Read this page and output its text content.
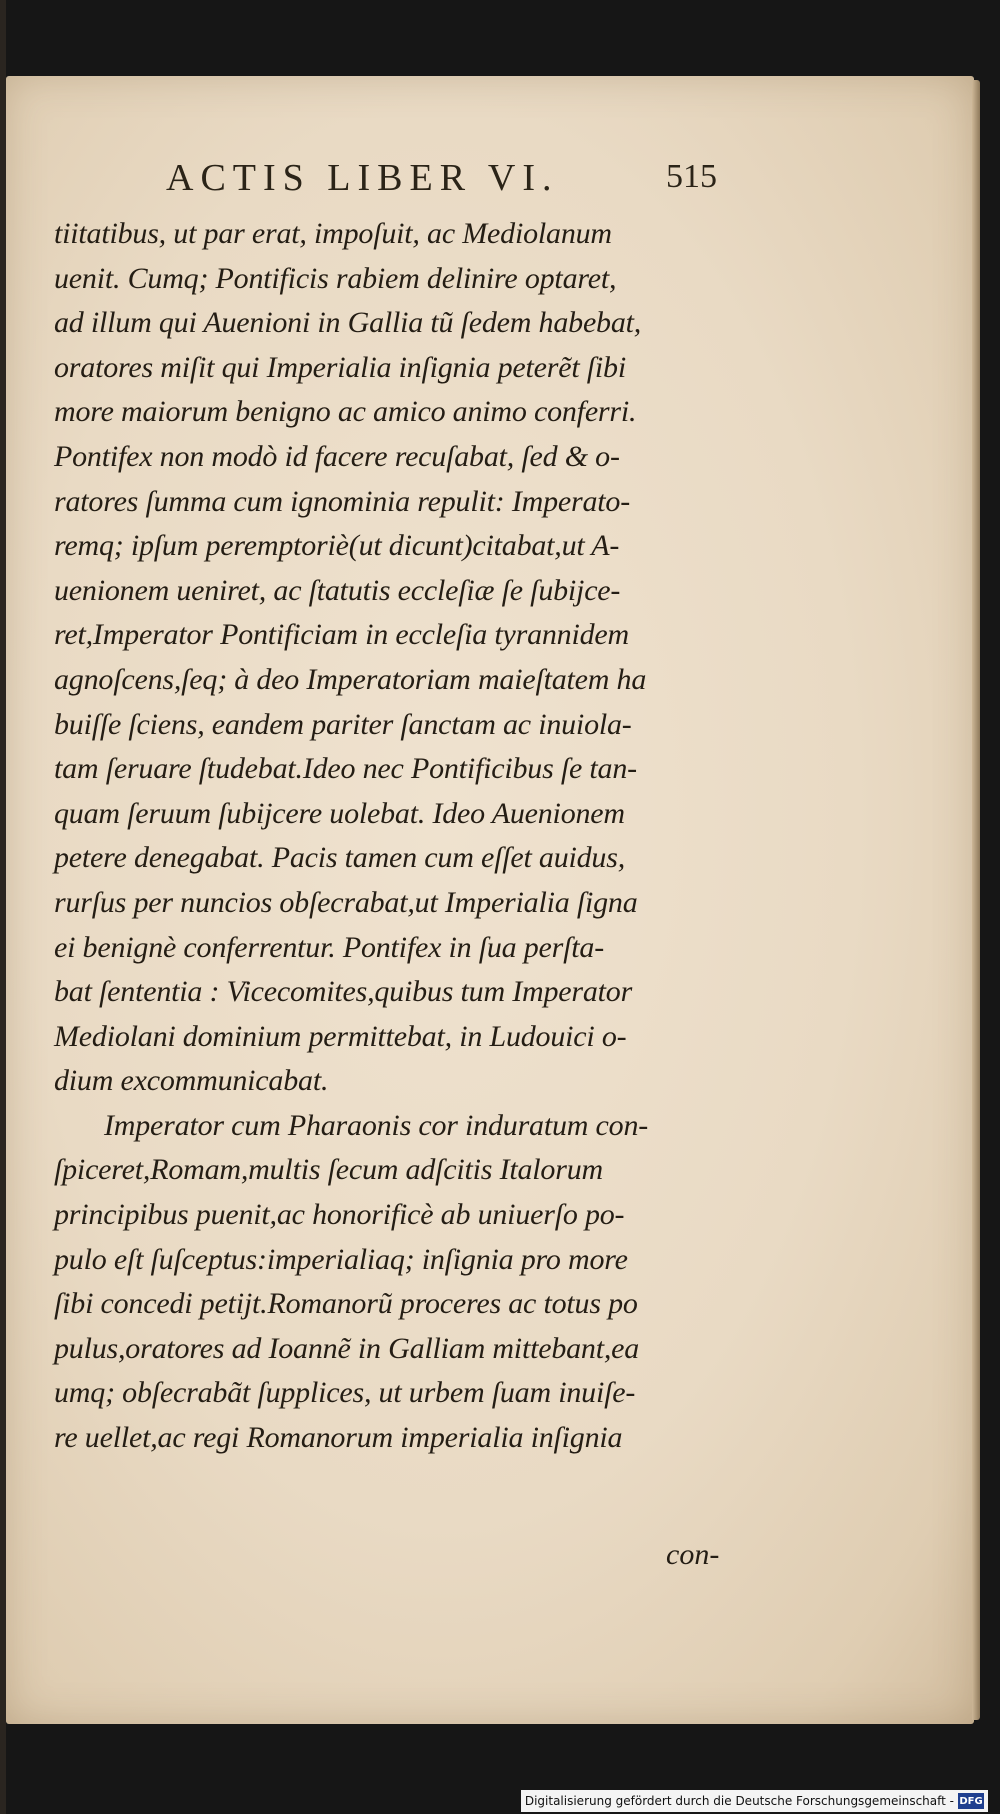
ACTIS LIBER VI.	515
tiitatibus, ut par erat, impoſuit, ac Mediolanum
uenit. Cumq; Pontificis rabiem delinire optaret,
ad illum qui Auenioni in Gallia tũ ſedem habebat,
oratores miſit qui Imperialia inſignia peterẽt ſibi
more maiorum benigno ac amico animo conferri.
Pontifex non modò id facere recuſabat, ſed & o-
ratores ſumma cum ignominia repulit: Imperato-
remq; ipſum peremptoriè(ut dicunt)citabat,ut A-
uenionem ueniret, ac ſtatutis eccleſiæ ſe ſubijce-
ret,Imperator Pontificiam in eccleſia tyrannidem
agnoſcens,ſeq; à deo Imperatoriam maieſtatem ha
buiſſe ſciens, eandem pariter ſanctam ac inuiola-
tam ſeruare ſtudebat.Ideo nec Pontificibus ſe tan-
quam ſeruum ſubijcere uolebat. Ideo Auenionem
petere denegabat. Pacis tamen cum eſſet auidus,
rurſus per nuncios obſecrabat,ut Imperialia ſigna
ei benignè conferrentur. Pontifex in ſua perſta-
bat ſententia : Vicecomites,quibus tum Imperator
Mediolani dominium permittebat, in Ludouici o-
dium excommunicabat.
Imperator cum Pharaonis cor induratum con-
ſpiceret,Romam,multis ſecum adſcitis Italorum
principibus puenit,ac honorificè ab uniuerſo po-
pulo eſt ſuſceptus:imperialiaq; inſignia pro more
ſibi concedi petijt.Romanorũ proceres ac totus po
pulus,oratores ad Ioannẽ in Galliam mittebant,ea
umq; obſecrabãt ſupplices, ut urbem ſuam inuiſe-
re uellet,ac regi Romanorum imperialia inſignia
con-
Digitalisierung gefördert durch die Deutsche Forschungsgemeinschaft - DFG
